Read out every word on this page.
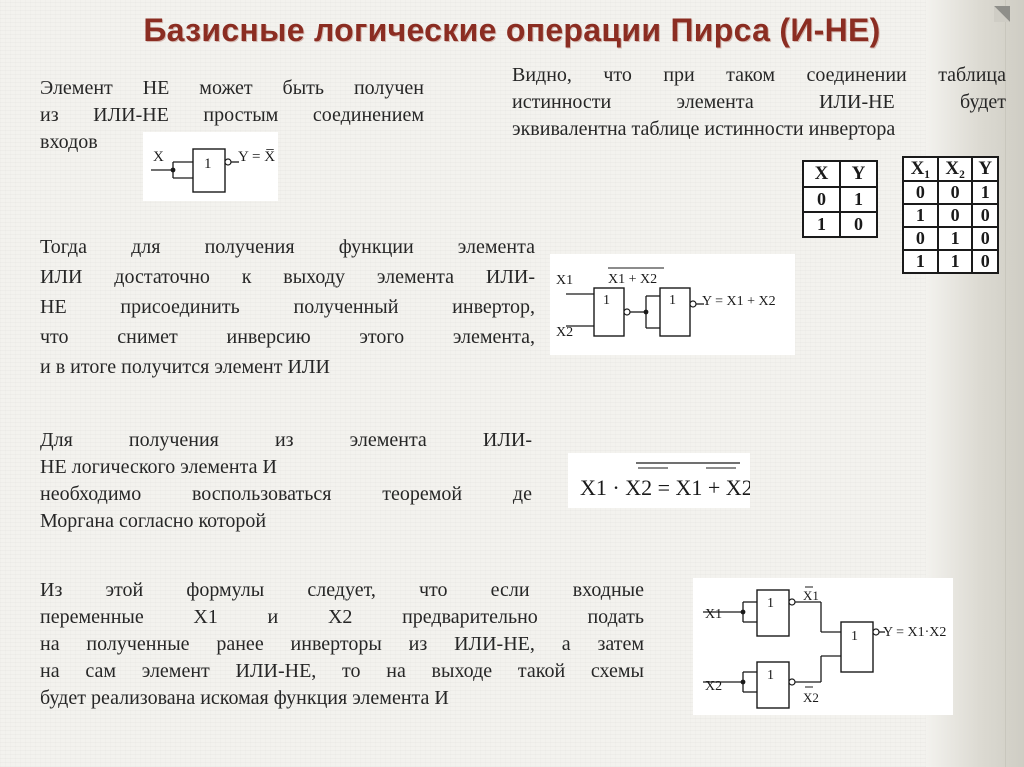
Базисные логические операции Пирса (И-НЕ)
Элемент НЕ может быть получен
из ИЛИ-НЕ простым соединением
входов
X	1 Y = X̅
Видно, что при таком соединении таблица
истинности элемента ИЛИ-НЕ будет
эквивалентна таблице истинности инвертора
X	Y
0	1
1	0
X₁	X₂	Y
0	0	1
1	0	0
0	1	0
1	1	0
Тогда для получения функции элемента
ИЛИ достаточно к выходу элемента ИЛИ-
НЕ присоединить полученный инвертор,
что снимет инверсию этого элемента,
и в итоге получится элемент ИЛИ
X1
X2
1
X1 + X2
1 Y = X1 + X2
Для получения из элемента ИЛИ-
НЕ логического элемента И
необходимо воспользоваться теоремой де
Моргана согласно которой
X1 · X2 = X1 + X2.
Из этой формулы следует, что если входные
переменные X1 и X2 предварительно подать
на полученные ранее инверторы из ИЛИ-НЕ, а затем
на сам элемент ИЛИ-НЕ, то на выходе такой схемы
будет реализована искомая функция элемента И
X1
1
X1
X2
1
X2
1 Y = X1·X2
